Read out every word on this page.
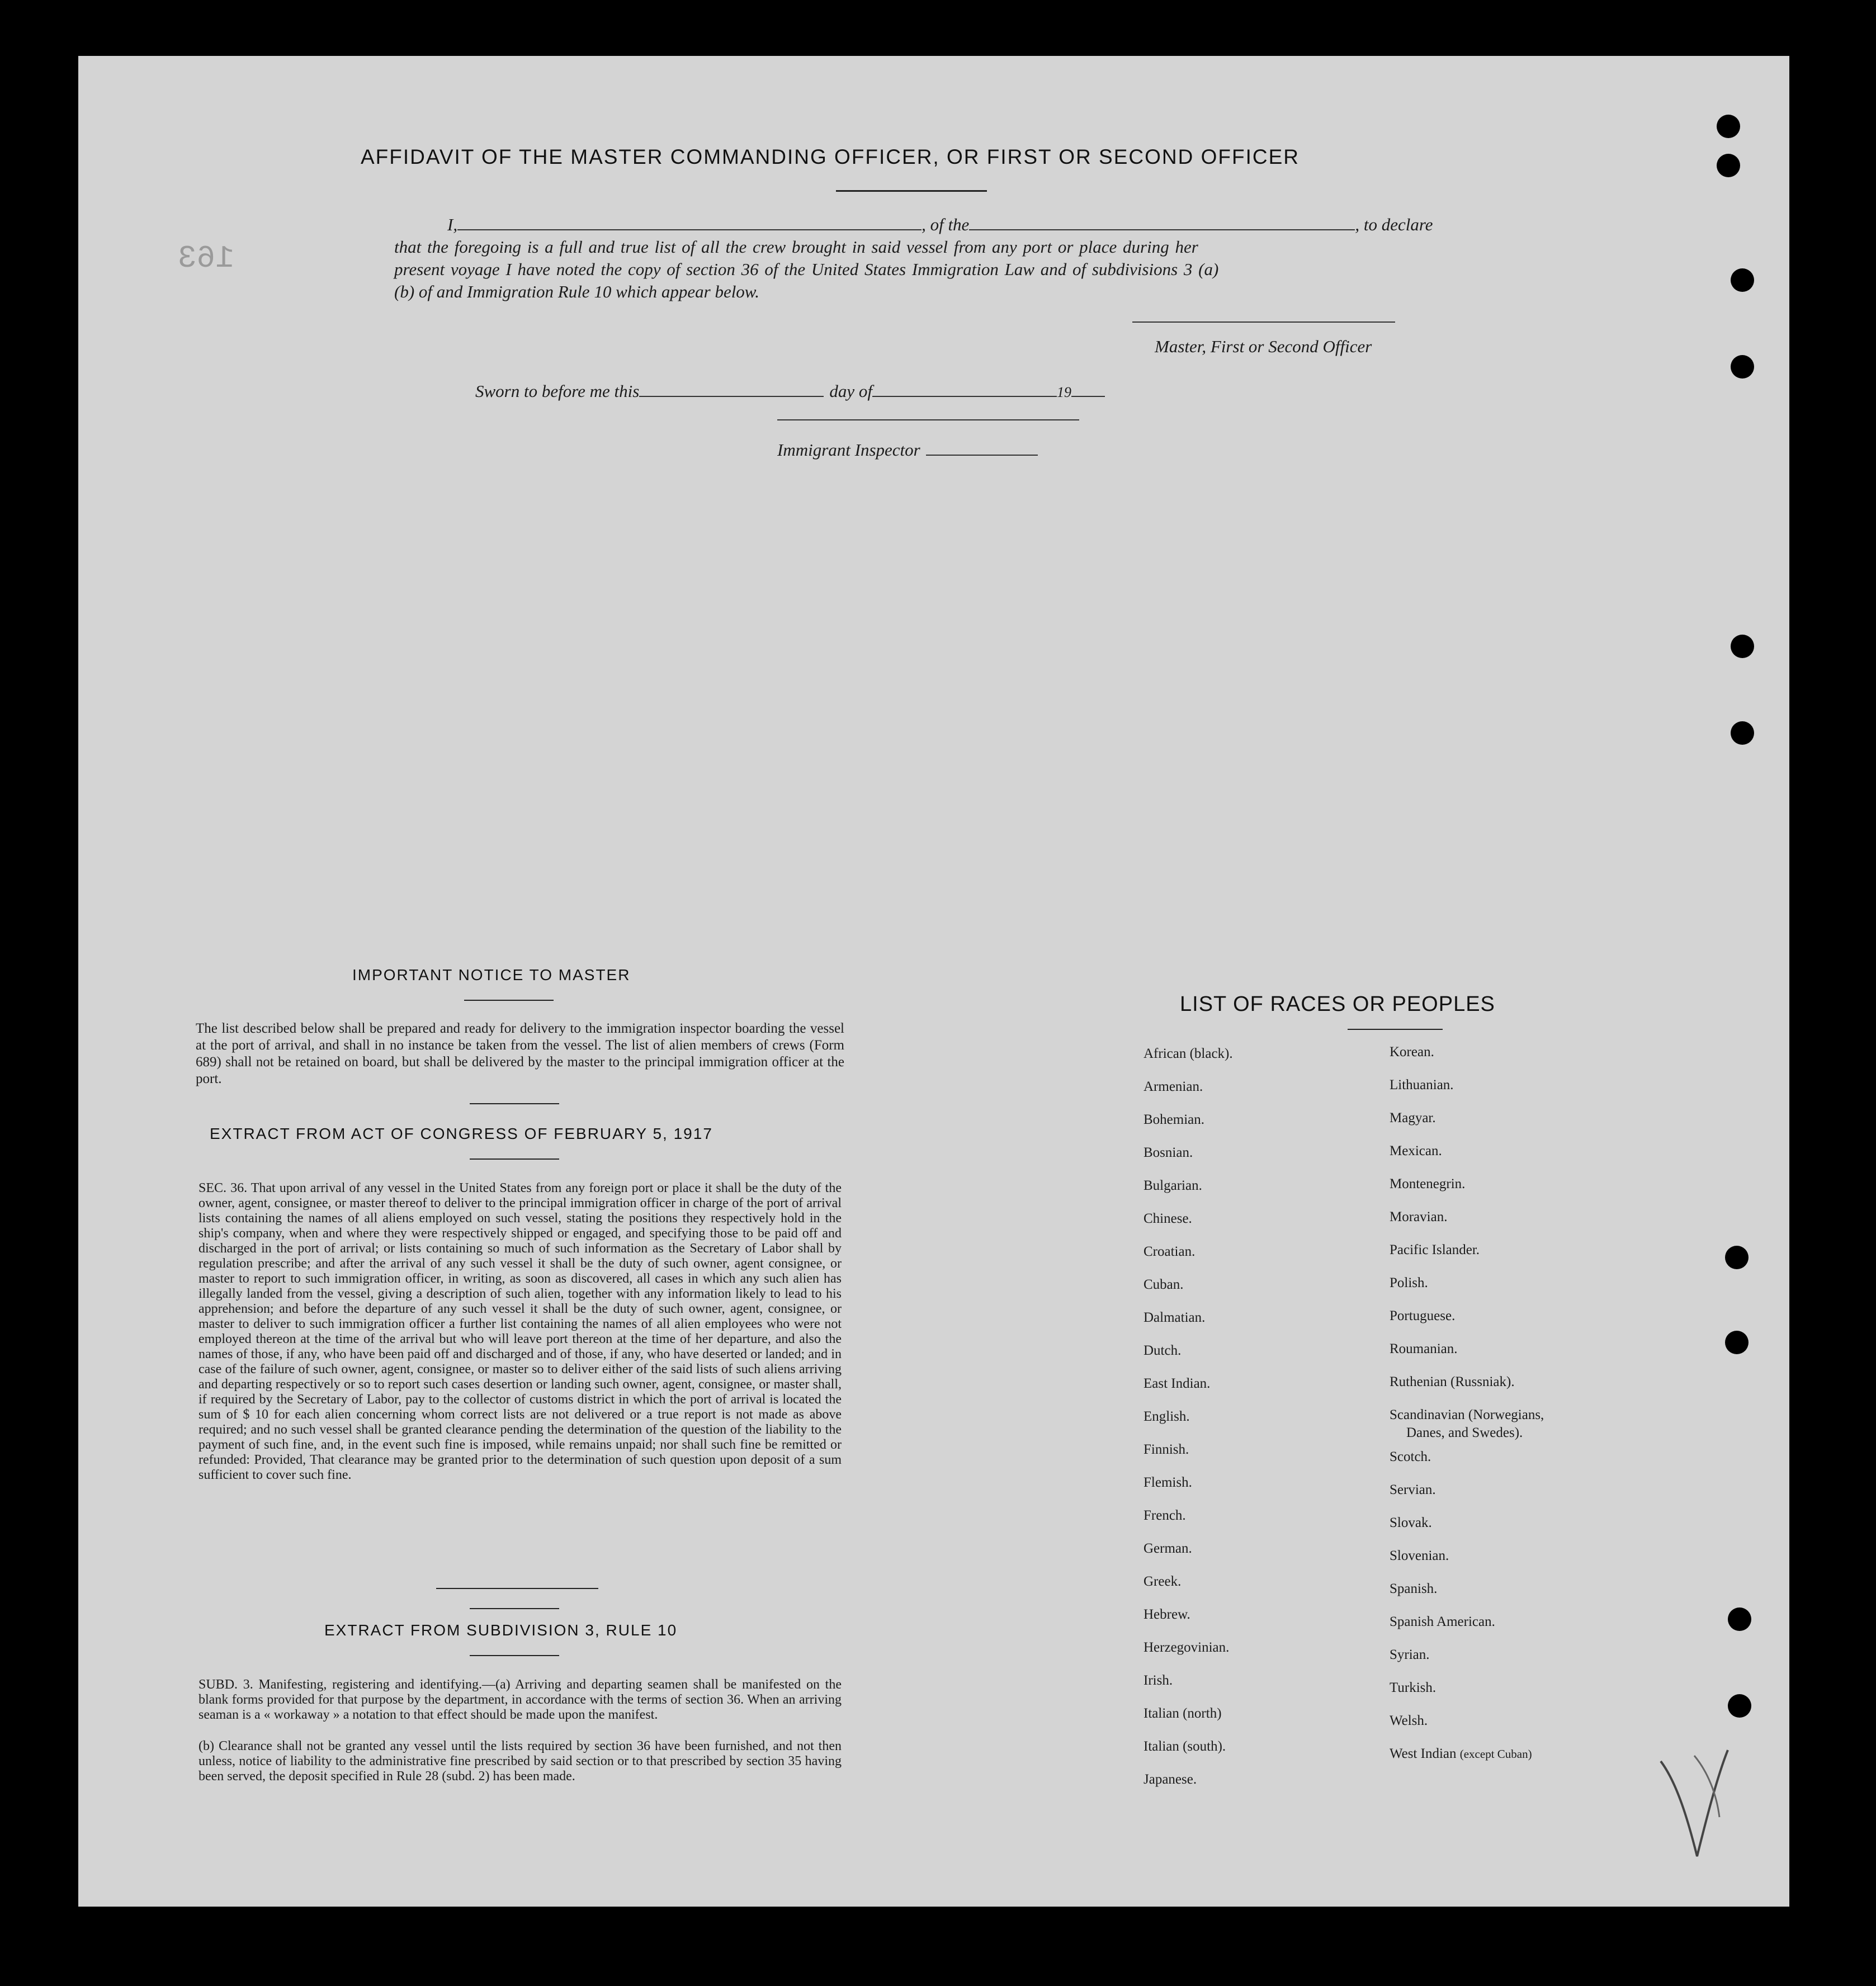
163
AFFIDAVIT OF THE MASTER COMMANDING OFFICER, OR FIRST OR SECOND OFFICER
I,	, of the	, to declare
that the foregoing is a full and true list of all the crew brought in said vessel from any port or place during her
present voyage I have noted the copy of section 36 of the United States Immigration Law and of subdivisions 3 (a)
(b) of and Immigration Rule 10 which appear below.
Master, First or Second Officer
Sworn to before me this	day of	19
Immigrant Inspector
IMPORTANT NOTICE TO MASTER
The list described below shall be prepared and ready for delivery to the immigration inspector boarding the vessel at the port of arrival, and shall in no instance be taken from the vessel. The list of alien members of crews (Form 689) shall not be retained on board, but shall be delivered by the master to the principal immigration officer at the port.
EXTRACT FROM ACT OF CONGRESS OF FEBRUARY 5, 1917
SEC. 36. That upon arrival of any vessel in the United States from any foreign port or place it shall be the duty of the owner, agent, consignee, or master thereof to deliver to the principal immigration officer in charge of the port of arrival lists containing the names of all aliens employed on such vessel, stating the positions they respectively hold in the ship's company, when and where they were respectively shipped or engaged, and specifying those to be paid off and discharged in the port of arrival; or lists containing so much of such information as the Secretary of Labor shall by regulation prescribe; and after the arrival of any such vessel it shall be the duty of such owner, agent consignee, or master to report to such immigration officer, in writing, as soon as discovered, all cases in which any such alien has illegally landed from the vessel, giving a description of such alien, together with any information likely to lead to his apprehension; and before the departure of any such vessel it shall be the duty of such owner, agent, consignee, or master to deliver to such immigration officer a further list containing the names of all alien employees who were not employed thereon at the time of the arrival but who will leave port thereon at the time of her departure, and also the names of those, if any, who have been paid off and discharged and of those, if any, who have deserted or landed; and in case of the failure of such owner, agent, consignee, or master so to deliver either of the said lists of such aliens arriving and departing respectively or so to report such cases desertion or landing such owner, agent, consignee, or master shall, if required by the Secretary of Labor, pay to the collector of customs district in which the port of arrival is located the sum of $ 10 for each alien concerning whom correct lists are not delivered or a true report is not made as above required; and no such vessel shall be granted clearance pending the determination of the question of the liability to the payment of such fine, and, in the event such fine is imposed, while remains unpaid; nor shall such fine be remitted or refunded: Provided, That clearance may be granted prior to the determination of such question upon deposit of a sum sufficient to cover such fine.
EXTRACT FROM SUBDIVISION 3, RULE 10
SUBD. 3. Manifesting, registering and identifying.—(a) Arriving and departing seamen shall be manifested on the blank forms provided for that purpose by the department, in accordance with the terms of section 36. When an arriving seaman is a « workaway » a notation to that effect should be made upon the manifest.
(b) Clearance shall not be granted any vessel until the lists required by section 36 have been furnished, and not then unless, notice of liability to the administrative fine prescribed by said section or to that prescribed by section 35 having been served, the deposit specified in Rule 28 (subd. 2) has been made.
LIST OF RACES OR PEOPLES
African (black).
Armenian.
Bohemian.
Bosnian.
Bulgarian.
Chinese.
Croatian.
Cuban.
Dalmatian.
Dutch.
East Indian.
English.
Finnish.
Flemish.
French.
German.
Greek.
Hebrew.
Herzegovinian.
Irish.
Italian (north)
Italian (south).
Japanese.
Korean.
Lithuanian.
Magyar.
Mexican.
Montenegrin.
Moravian.
Pacific Islander.
Polish.
Portuguese.
Roumanian.
Ruthenian (Russniak).
Scandinavian (Norwegians,
Danes, and Swedes).
Scotch.
Servian.
Slovak.
Slovenian.
Spanish.
Spanish American.
Syrian.
Turkish.
Welsh.
West Indian (except Cuban)
